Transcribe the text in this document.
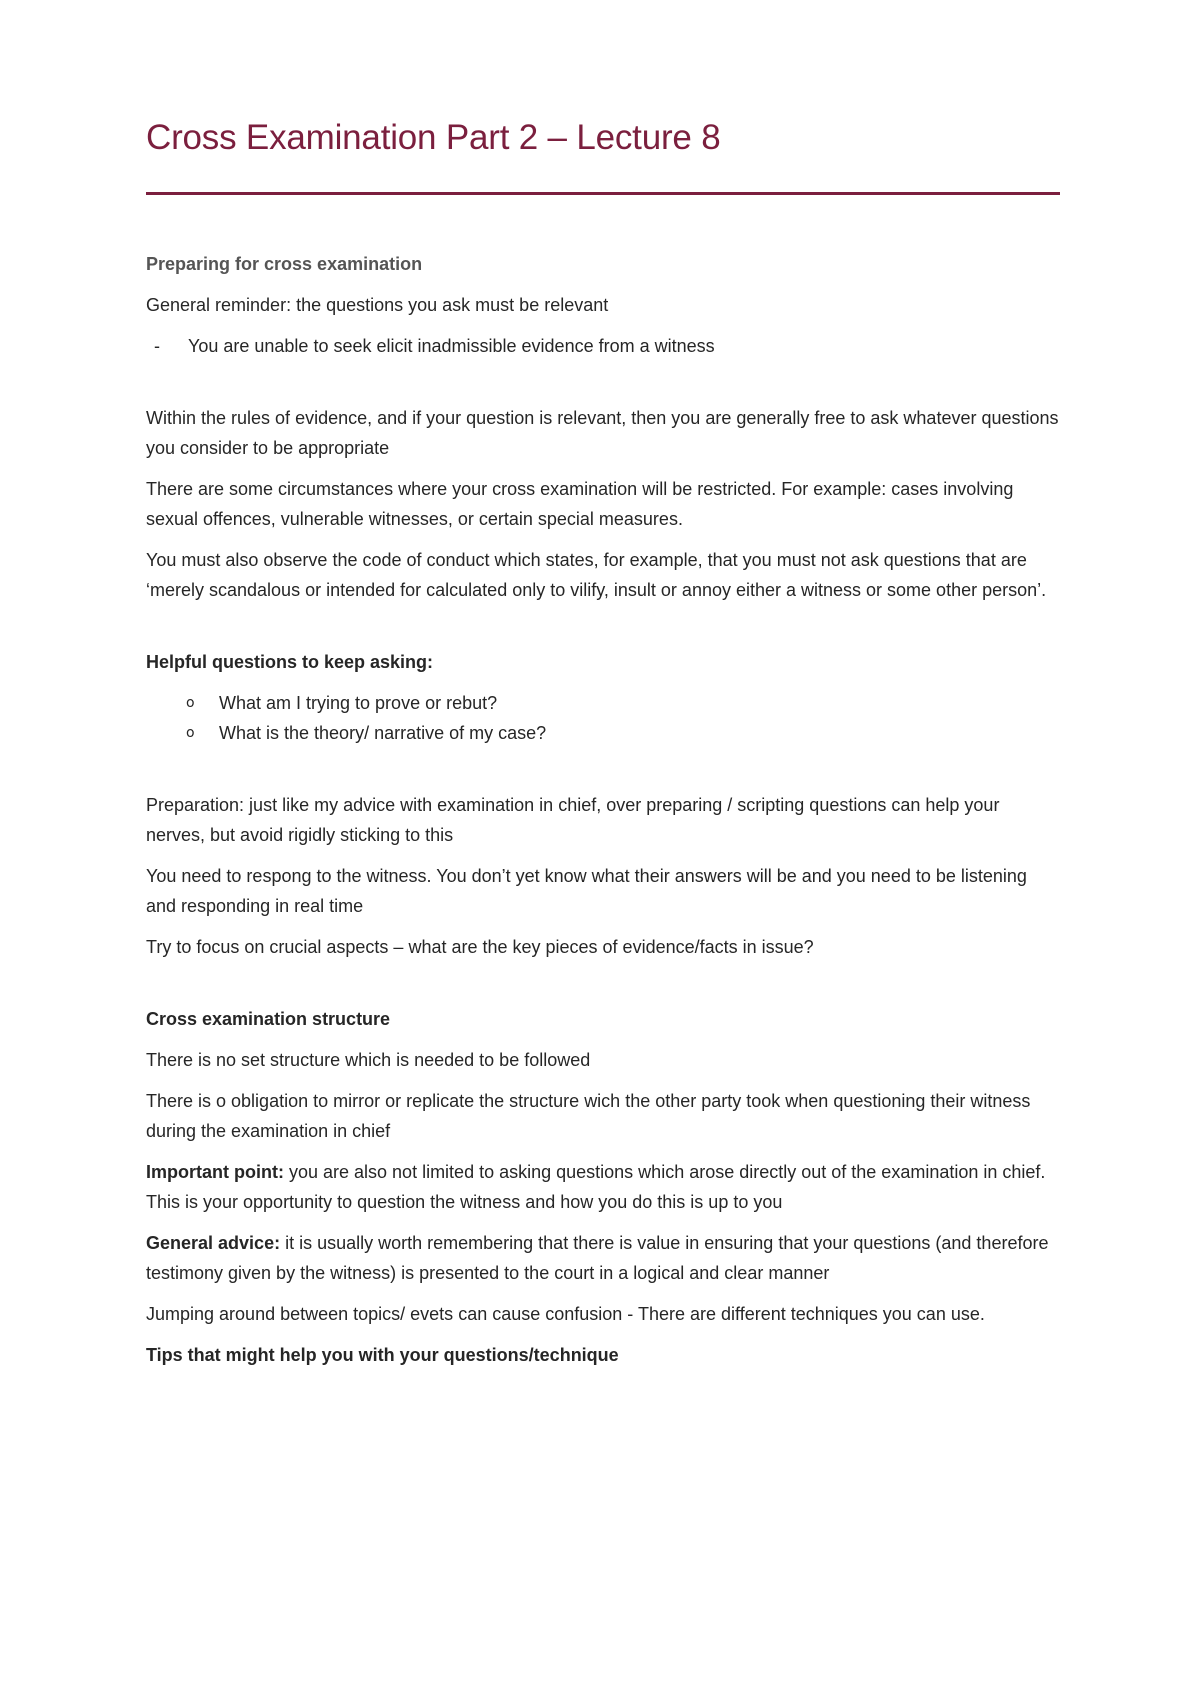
Cross Examination Part 2 – Lecture 8

Preparing for cross examination

General reminder: the questions you ask must be relevant

- You are unable to seek elicit inadmissible evidence from a witness

Within the rules of evidence, and if your question is relevant, then you are generally free to ask whatever questions you consider to be appropriate

There are some circumstances where your cross examination will be restricted. For example: cases involving sexual offences, vulnerable witnesses, or certain special measures.

You must also observe the code of conduct which states, for example, that you must not ask questions that are ‘merely scandalous or intended for calculated only to vilify, insult or annoy either a witness or some other person’.

Helpful questions to keep asking:

o What am I trying to prove or rebut?
o What is the theory/ narrative of my case?

Preparation: just like my advice with examination in chief, over preparing / scripting questions can help your nerves, but avoid rigidly sticking to this

You need to respong to the witness. You don’t yet know what their answers will be and you need to be listening and responding in real time

Try to focus on crucial aspects – what are the key pieces of evidence/facts in issue?

Cross examination structure

There is no set structure which is needed to be followed

There is o obligation to mirror or replicate the structure wich the other party took when questioning their witness during the examination in chief

Important point: you are also not limited to asking questions which arose directly out of the examination in chief. This is your opportunity to question the witness and how you do this is up to you

General advice: it is usually worth remembering that there is value in ensuring that your questions (and therefore testimony given by the witness) is presented to the court in a logical and clear manner

Jumping around between topics/ evets can cause confusion - There are different techniques you can use.

Tips that might help you with your questions/technique
